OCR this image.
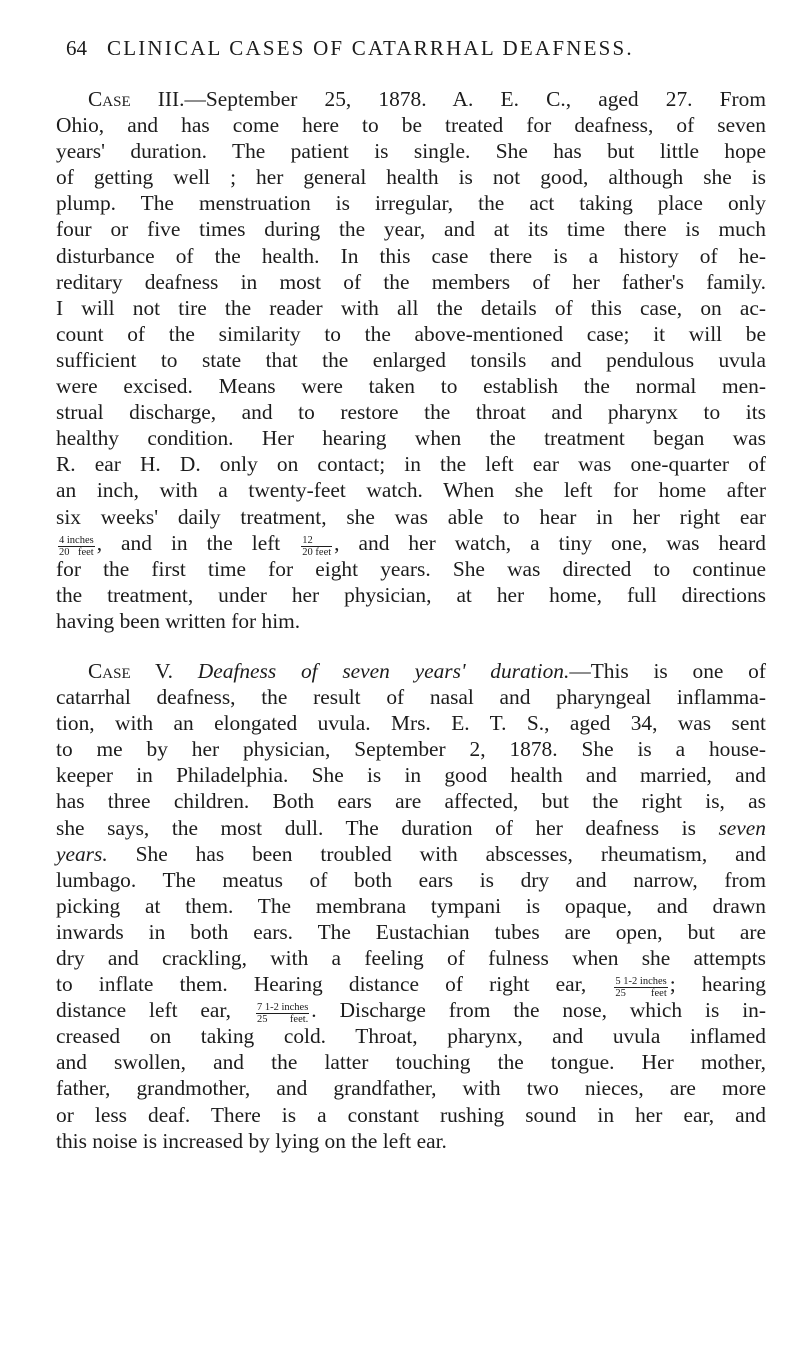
64 CLINICAL CASES OF CATARRHAL DEAFNESS.
Case III.—September 25, 1878. A. E. C., aged 27. From
Ohio, and has come here to be treated for deafness, of seven
years' duration. The patient is single. She has but little hope
of getting well ; her general health is not good, although she is
plump. The menstruation is irregular, the act taking place only
four or five times during the year, and at its time there is much
disturbance of the health. In this case there is a history of he-
reditary deafness in most of the members of her father's family.
I will not tire the reader with all the details of this case, on ac-
count of the similarity to the above-mentioned case; it will be
sufficient to state that the enlarged tonsils and pendulous uvula
were excised. Means were taken to establish the normal men-
strual discharge, and to restore the throat and pharynx to its
healthy condition. Her hearing when the treatment began was
R. ear H. D. only on contact; in the left ear was one-quarter of
an inch, with a twenty-feet watch. When she left for home after
six weeks' daily treatment, she was able to hear in her right ear
$\frac{\text{4 inches}}{\text{20 feet}}$ , and in the left $\frac{12}{\text{20 feet}}$ , and her watch, a tiny one, was heard
for the first time for eight years. She was directed to continue
the treatment, under her physician, at her home, full directions
having been written for him.
Case V. Deafness of seven years' duration.—This is one of
catarrhal deafness, the result of nasal and pharyngeal inflamma-
tion, with an elongated uvula. Mrs. E. T. S., aged 34, was sent
to me by her physician, September 2, 1878. She is a house-
keeper in Philadelphia. She is in good health and married, and
has three children. Both ears are affected, but the right is, as
she says, the most dull. The duration of her deafness is seven
years. She has been troubled with abscesses, rheumatism, and
lumbago. The meatus of both ears is dry and narrow, from
picking at them. The membrana tympani is opaque, and drawn
inwards in both ears. The Eustachian tubes are open, but are
dry and crackling, with a feeling of fulness when she attempts
to inflate them. Hearing distance of right ear,	$\frac{\text{5 1-2 inches}}{\text{25 feet}}$ ; hearing
distance left ear, $\frac{\text{7 1-2 inches}}{\text{25 feet.}}$ . Discharge from the nose, which is in-
creased on taking cold. Throat, pharynx, and uvula inflamed
and swollen, and the latter touching the tongue. Her mother,
father, grandmother, and grandfather, with two nieces, are more
or less deaf. There is a constant rushing sound in her ear, and
this noise is increased by lying on the left ear.
